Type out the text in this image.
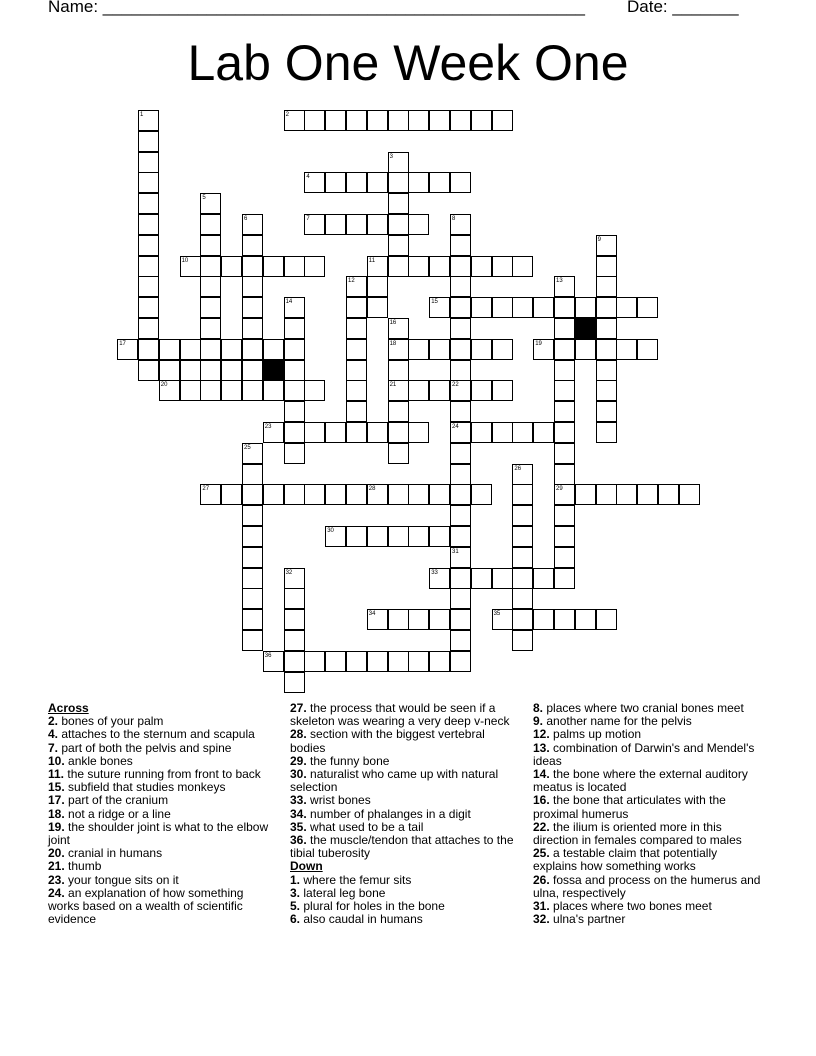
Name: ___________________________________________________ Date: _______
Lab One Week One
1	2
3
4
5
6	7	8
9
10	11
12	13
14	15
16
17	18	19
20	21	22
23	24
25
26
27	28	29
30
31
32	33
34	35
36
Across
2. bones of your palm
4. attaches to the sternum and scapula
7. part of both the pelvis and spine
10. ankle bones
11. the suture running from front to back
15. subfield that studies monkeys
17. part of the cranium
18. not a ridge or a line
19. the shoulder joint is what to the elbow joint
20. cranial in humans
21. thumb
23. your tongue sits on it
24. an explanation of how something works based on a wealth of scientific evidence
27. the process that would be seen if a skeleton was wearing a very deep v-neck
28. section with the biggest vertebral bodies
29. the funny bone
30. naturalist who came up with natural selection
33. wrist bones
34. number of phalanges in a digit
35. what used to be a tail
36. the muscle/tendon that attaches to the tibial tuberosity
Down
1. where the femur sits
3. lateral leg bone
5. plural for holes in the bone
6. also caudal in humans
8. places where two cranial bones meet
9. another name for the pelvis
12. palms up motion
13. combination of Darwin's and Mendel's ideas
14. the bone where the external auditory meatus is located
16. the bone that articulates with the proximal humerus
22. the ilium is oriented more in this direction in females compared to males
25. a testable claim that potentially explains how something works
26. fossa and process on the humerus and ulna, respectively
31. places where two bones meet
32. ulna's partner
